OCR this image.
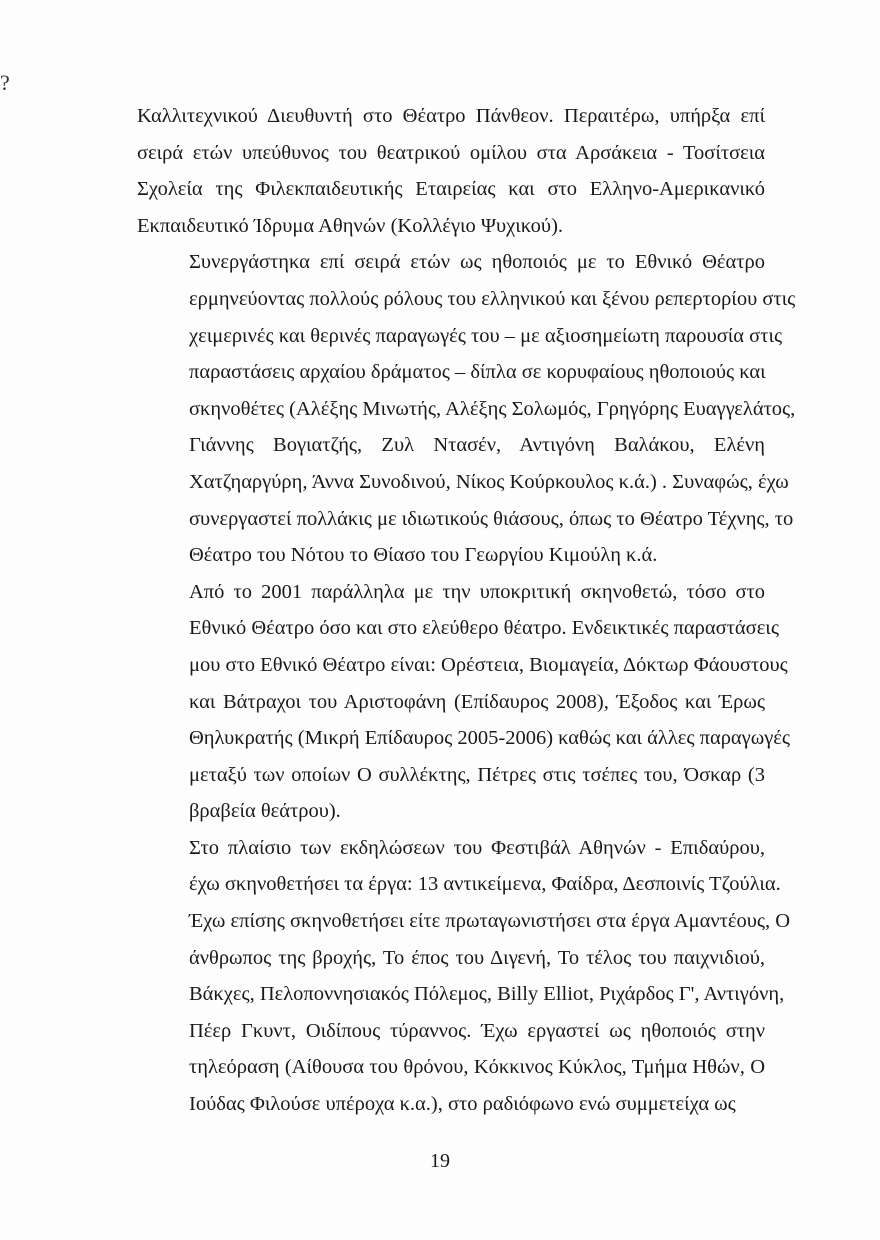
?

Καλλιτεχνικού Διευθυντή στο Θέατρο Πάνθεον. Περαιτέρω, υπήρξα επί
σειρά ετών υπεύθυνος του θεατρικού ομίλου στα Αρσάκεια - Τοσίτσεια
Σχολεία της Φιλεκπαιδευτικής Εταιρείας και στο Ελληνο-Αμερικανικό
Εκπαιδευτικό Ίδρυμα Αθηνών (Κολλέγιο Ψυχικού).

Συνεργάστηκα επί σειρά ετών ως ηθοποιός με το Εθνικό Θέατρο
ερμηνεύοντας πολλούς ρόλους του ελληνικού και ξένου ρεπερτορίου στις
χειμερινές και θερινές παραγωγές του – με αξιοσημείωτη παρουσία στις
παραστάσεις αρχαίου δράματος – δίπλα σε κορυφαίους ηθοποιούς και
σκηνοθέτες (Αλέξης Μινωτής, Αλέξης Σολωμός, Γρηγόρης Ευαγγελάτος,
Γιάννης Βογιατζής, Ζυλ Ντασέν, Αντιγόνη Βαλάκου, Ελένη
Χατζηαργύρη, Άννα Συνοδινού, Νίκος Κούρκουλος κ.ά.) . Συναφώς, έχω
συνεργαστεί πολλάκις με ιδιωτικούς θιάσους, όπως το Θέατρο Τέχνης, το
Θέατρο του Νότου το Θίασο του Γεωργίου Κιμούλη κ.ά.

Από το 2001 παράλληλα με την υποκριτική σκηνοθετώ, τόσο στο
Εθνικό Θέατρο όσο και στο ελεύθερο θέατρο. Ενδεικτικές παραστάσεις
μου στο Εθνικό Θέατρο είναι: Ορέστεια, Βιομαγεία, Δόκτωρ Φάουστους
και Βάτραχοι του Αριστοφάνη (Επίδαυρος 2008), Έξοδος και Έρως
Θηλυκρατής (Μικρή Επίδαυρος 2005-2006) καθώς και άλλες παραγωγές
μεταξύ των οποίων Ο συλλέκτης, Πέτρες στις τσέπες του, Όσκαρ (3
βραβεία θεάτρου).

Στο πλαίσιο των εκδηλώσεων του Φεστιβάλ Αθηνών - Επιδαύρου,
έχω σκηνοθετήσει τα έργα: 13 αντικείμενα, Φαίδρα, Δεσποινίς Τζούλια.
Έχω επίσης σκηνοθετήσει είτε πρωταγωνιστήσει στα έργα Αμαντέους, Ο
άνθρωπος της βροχής, Το έπος του Διγενή, Το τέλος του παιχνιδιού,
Βάκχες, Πελοποννησιακός Πόλεμος, Billy Elliot, Ριχάρδος Γ', Αντιγόνη,
Πέερ Γκυντ, Οιδίπους τύραννος. Έχω εργαστεί ως ηθοποιός στην
τηλεόραση (Αίθουσα του θρόνου, Κόκκινος Κύκλος, Τμήμα Ηθών, Ο
Ιούδας Φιλούσε υπέροχα κ.α.), στο ραδιόφωνο ενώ συμμετείχα ως

19
